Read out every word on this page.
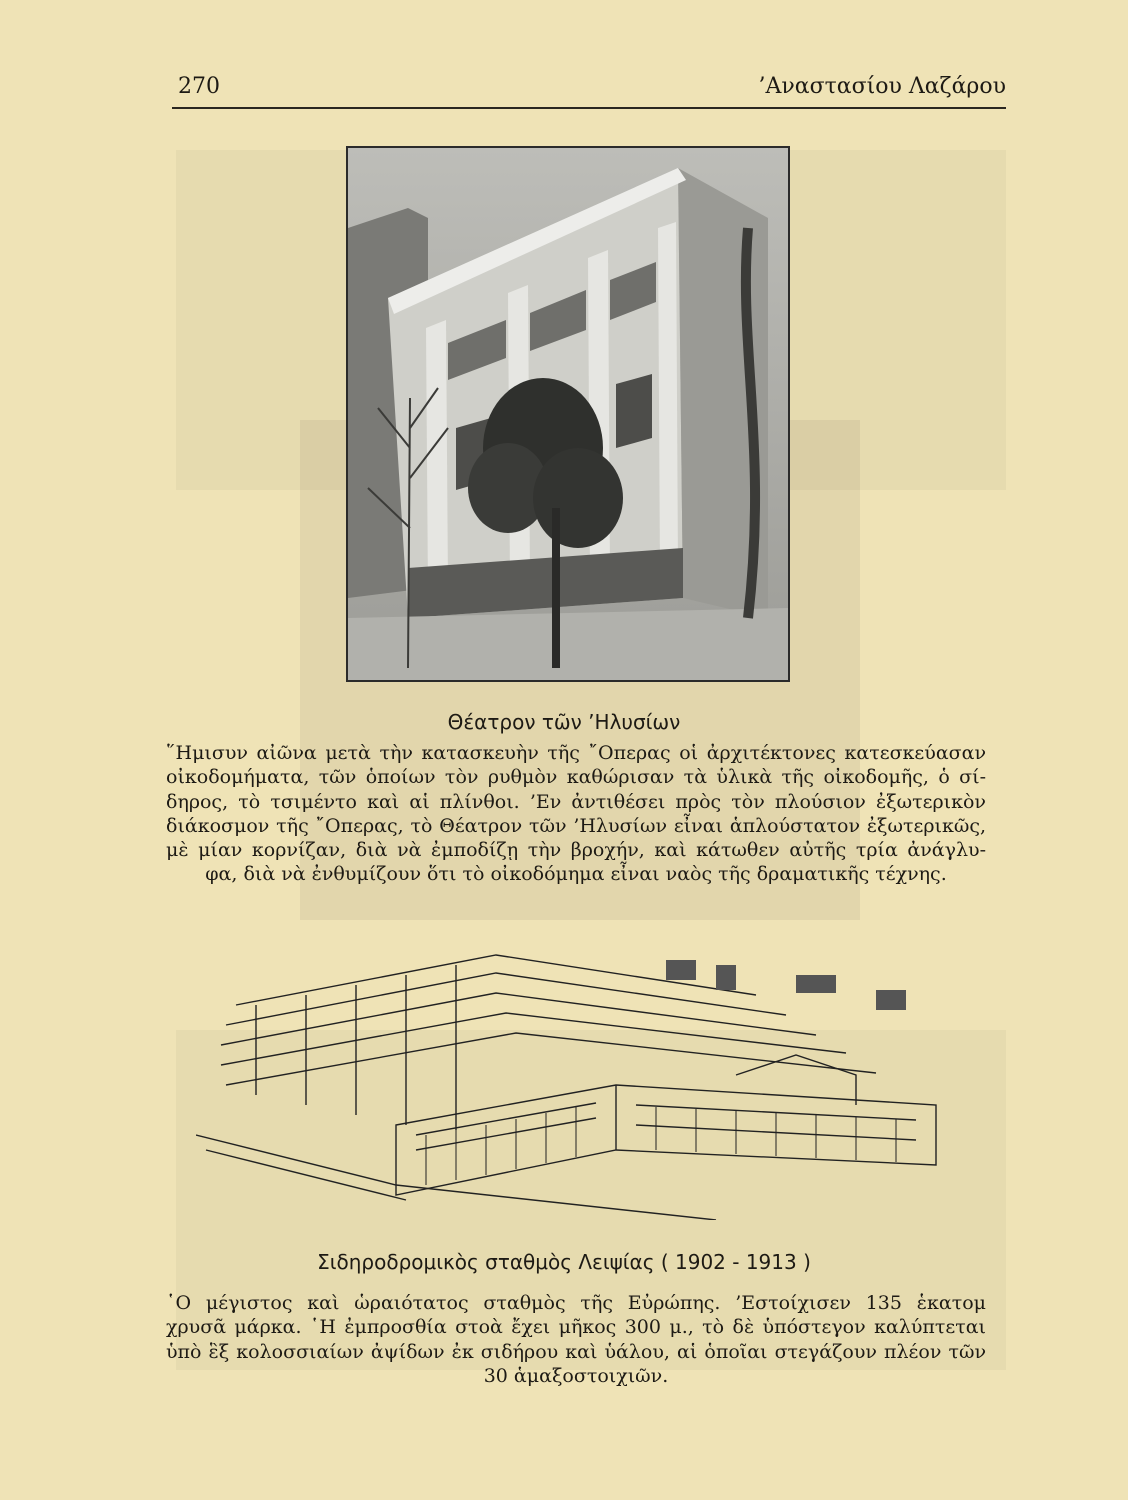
270	’Αναστασίου Λαζάρου
Θέατρον τῶν ’Ηλυσίων
῞Ημισυν αἰῶνα μετὰ τὴν κατασκευὴν τῆς ῎Οπερας οἱ ἀρχιτέκτονες κατεσκεύασαν
οἰκοδομήματα, τῶν ὁποίων τὸν ρυθμὸν καθώρισαν τὰ ὑλικὰ τῆς οἰκοδομῆς, ὁ σί-
δηρος, τὸ τσιμέντο καὶ αἱ πλίνθοι. ’Εν ἀντιθέσει πρὸς τὸν πλούσιον ἐξωτερικὸν
διάκοσμον τῆς ῎Οπερας, τὸ Θέατρον τῶν ’Ηλυσίων εἶναι ἁπλούστατον ἐξωτερικῶς,
μὲ μίαν κορνίζαν, διὰ νὰ ἐμποδίζῃ τὴν βροχήν, καὶ κάτωθεν αὐτῆς τρία ἀνάγλυ-
φα, διὰ νὰ ἐνθυμίζουν ὅτι τὸ οἰκοδόμημα εἶναι ναὸς τῆς δραματικῆς τέχνης.
Σιδηροδρομικὸς σταθμὸς Λειψίας ( 1902 - 1913 )
῾Ο μέγιστος καὶ ὡραιότατος σταθμὸς τῆς Εὐρώπης. ’Εστοίχισεν 135 ἑκατομ
χρυσᾶ μάρκα. ῾Η ἐμπροσθία στοὰ ἔχει μῆκος 300 μ., τὸ δὲ ὑπόστεγον καλύπτεται
ὑπὸ ἓξ κολοσσιαίων ἀψίδων ἐκ σιδήρου καὶ ὑάλου, αἱ ὁποῖαι στεγάζουν πλέον τῶν
30 ἁμαξοστοιχιῶν.
